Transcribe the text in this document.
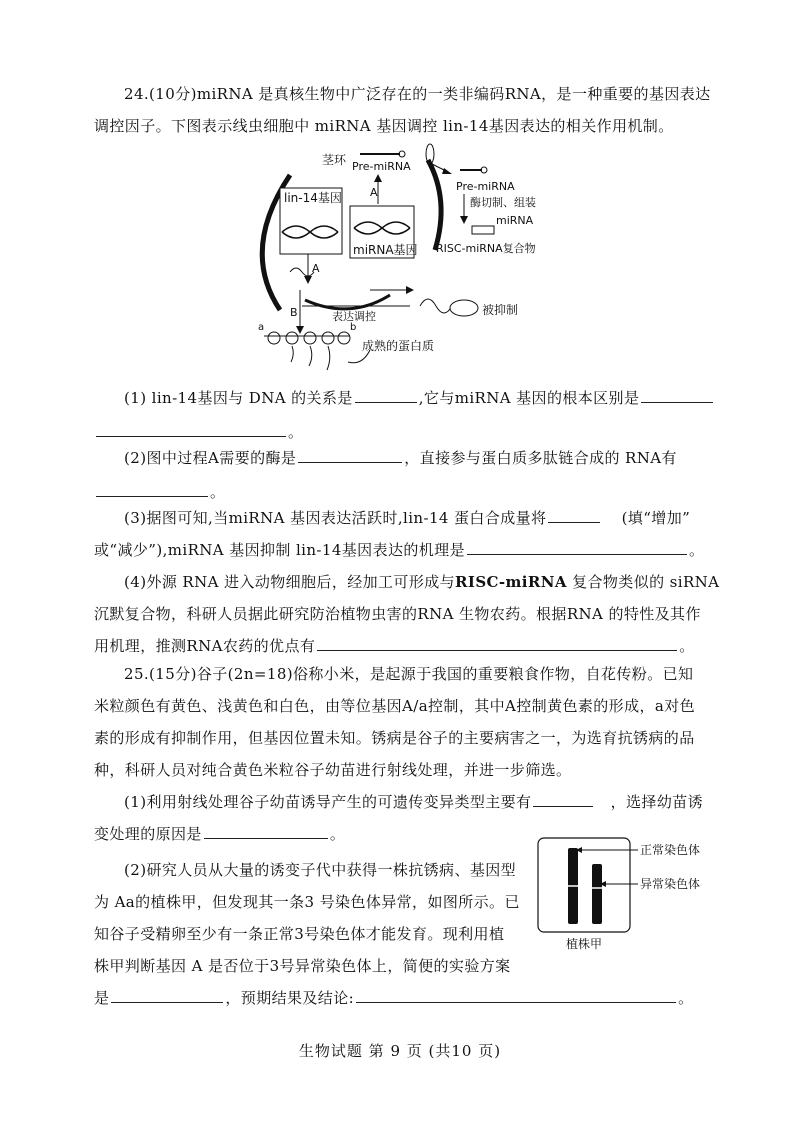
24.(10分)miRNA 是真核生物中广泛存在的一类非编码RNA，是一种重要的基因表达
调控因子。下图表示线虫细胞中 miRNA 基因调控 lin-14基因表达的相关作用机制。
lin-14基因
miRNA基因
A
茎环 Pre-miRNA
Pre-miRNA
酶切制、组装
miRNA
RISC-miRNA复合物
A
B	表达调控	被抑制
a	b
成熟的蛋白质
(1) lin-14基因与 DNA 的关系是	,它与miRNA 基因的根本区别是
。
(2)图中过程A需要的酶是	，直接参与蛋白质多肽链合成的 RNA有
。
(3)据图可知,当miRNA 基因表达活跃时,lin-14 蛋白合成量将	(填“增加”
或“减少”),miRNA 基因抑制 lin-14基因表达的机理是	。
(4)外源 RNA 进入动物细胞后，经加工可形成与RISC-miRNA 复合物类似的 siRNA
沉默复合物，科研人员据此研究防治植物虫害的RNA 生物农药。根据RNA 的特性及其作
用机理，推测RNA农药的优点有	。
25.(15分)谷子(2n=18)俗称小米，是起源于我国的重要粮食作物，自花传粉。已知
米粒颜色有黄色、浅黄色和白色，由等位基因A/a控制，其中A控制黄色素的形成，a对色
素的形成有抑制作用，但基因位置未知。锈病是谷子的主要病害之一，为选育抗锈病的品
种，科研人员对纯合黄色米粒谷子幼苗进行射线处理，并进一步筛选。
(1)利用射线处理谷子幼苗诱导产生的可遗传变异类型主要有	，选择幼苗诱
变处理的原因是	。
(2)研究人员从大量的诱变子代中获得一株抗锈病、基因型
为 Aa的植株甲，但发现其一条3 号染色体异常，如图所示。已
知谷子受精卵至少有一条正常3号染色体才能发育。现利用植
株甲判断基因 A 是否位于3号异常染色体上，简便的实验方案
是	，预期结果及结论:	。
正常染色体
异常染色体
植株甲
生物试题 第 9 页 (共10 页)
